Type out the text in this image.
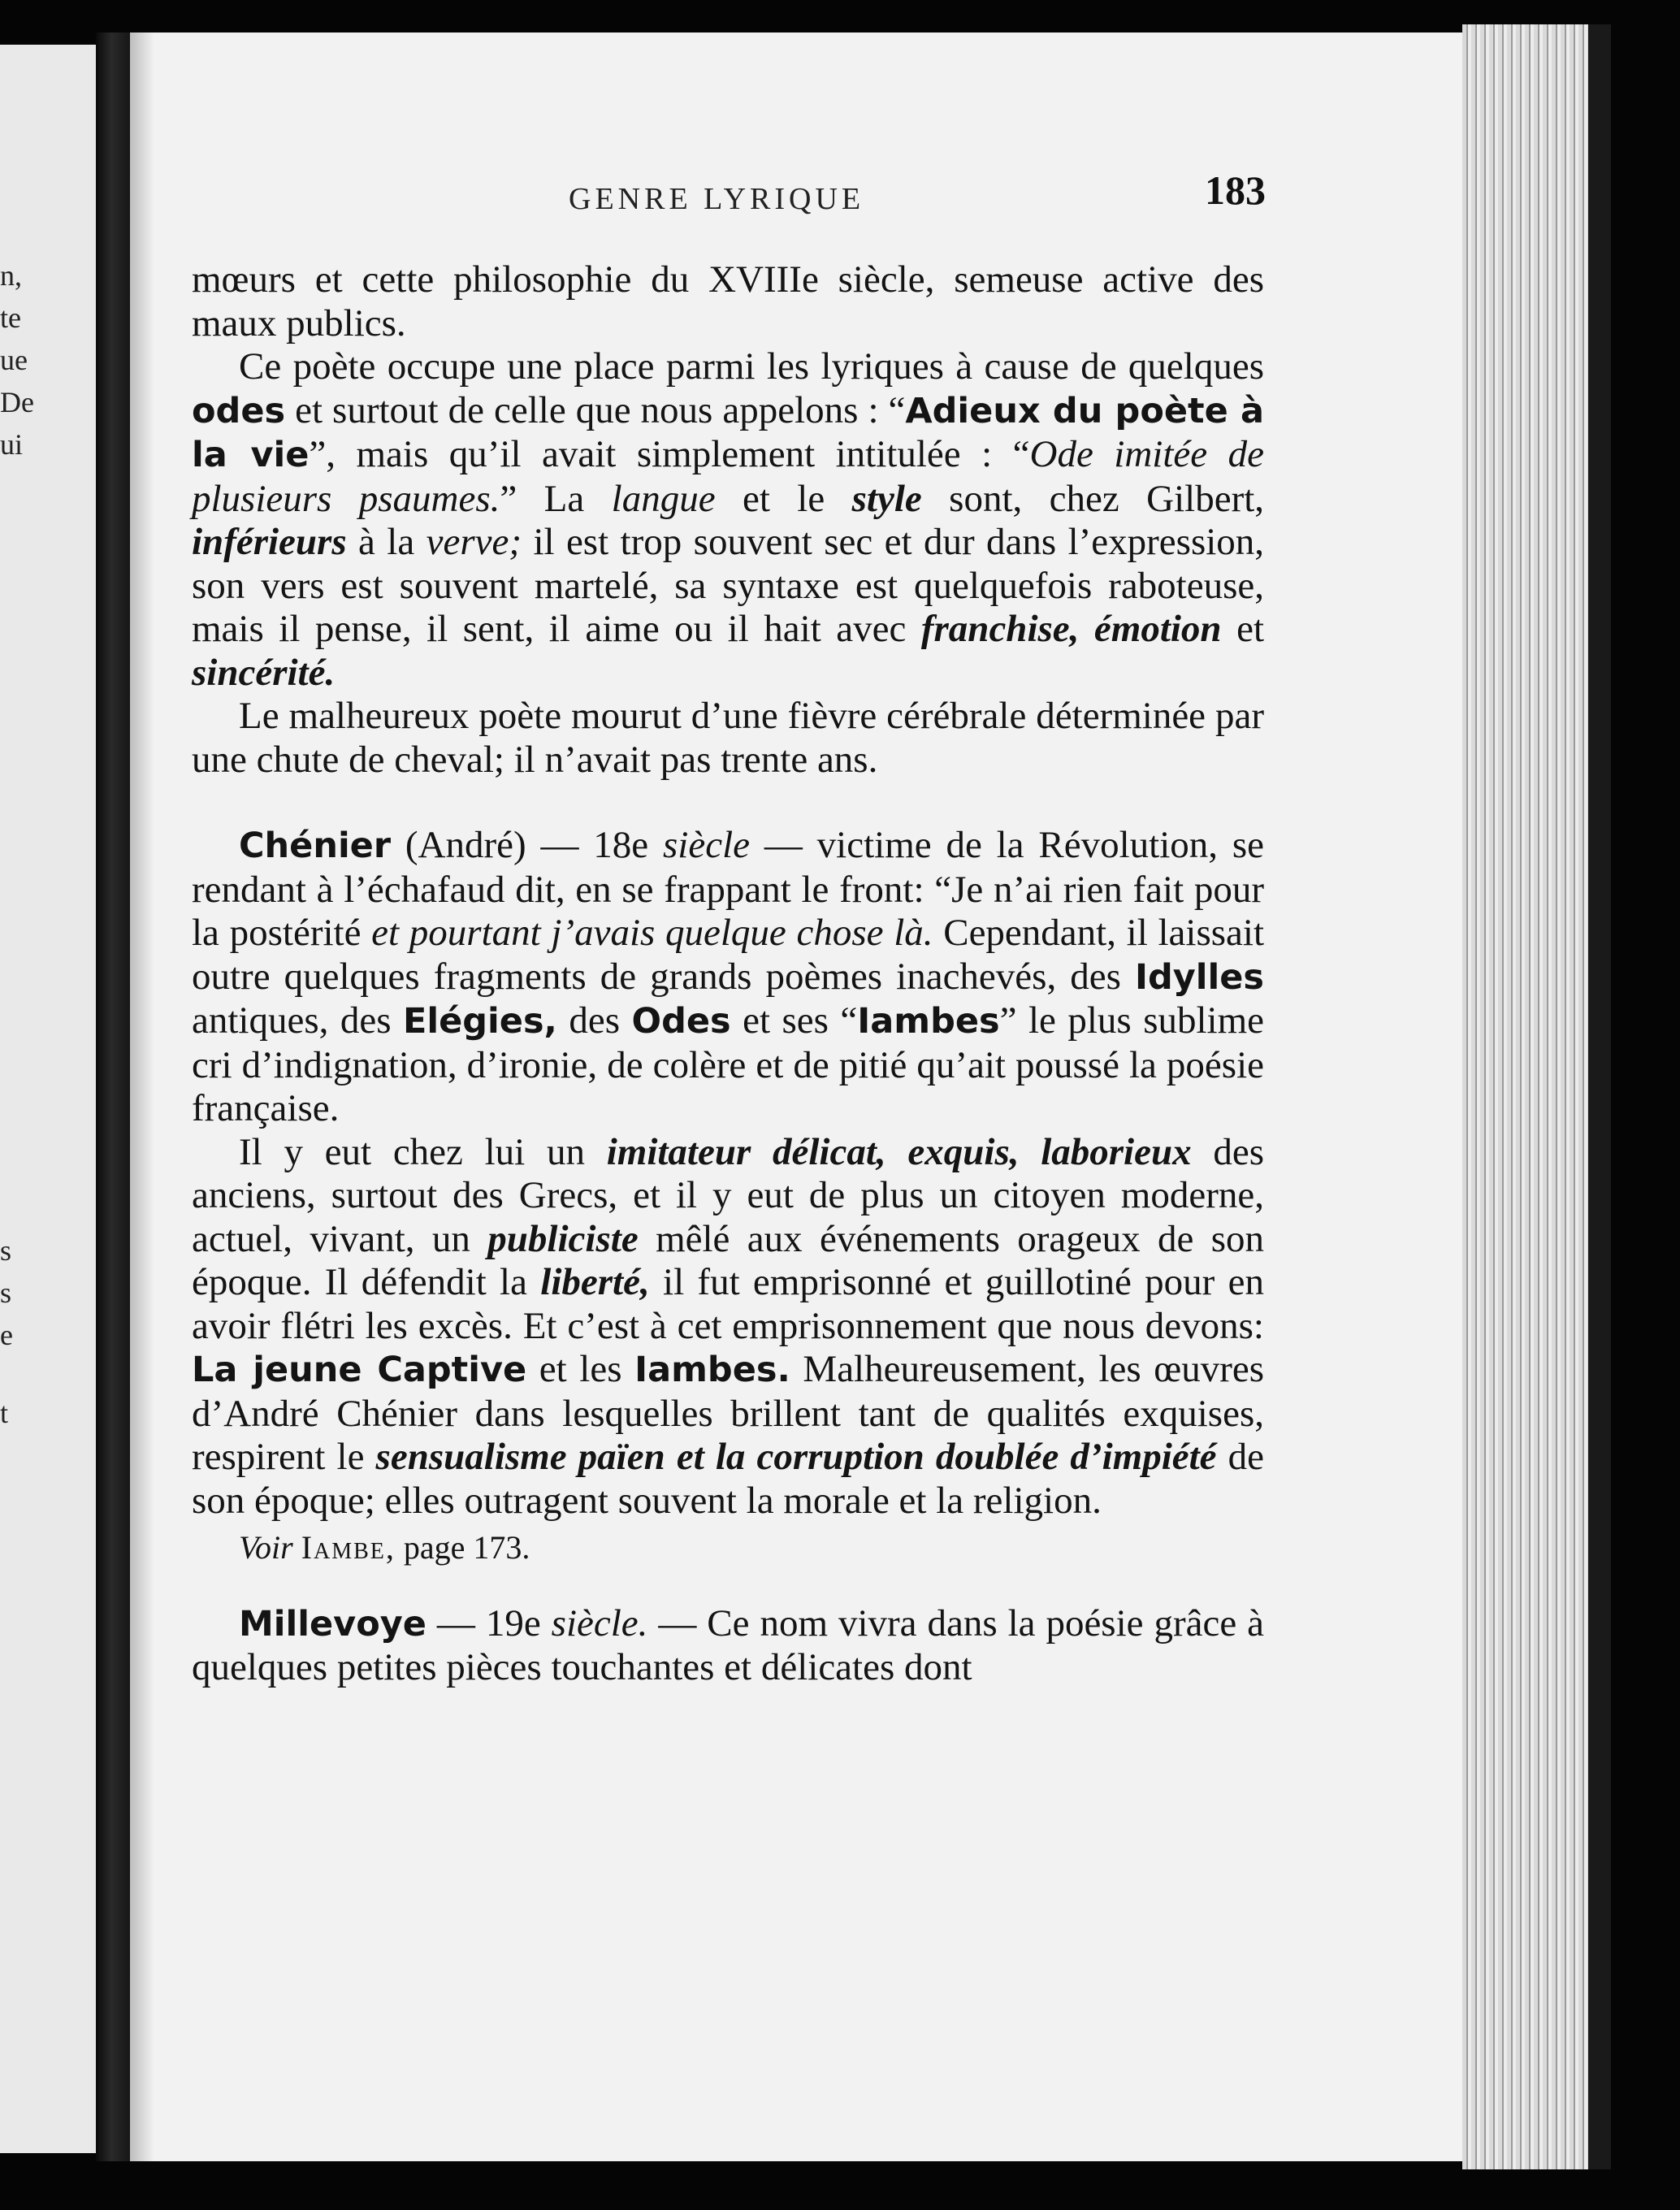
n,
te
ue
De
ui
s
s
e
t
GENRE LYRIQUE	183

mœurs et cette philosophie du XVIIIe siècle, semeuse active des maux publics.

Ce poète occupe une place parmi les lyriques à cause de quelques odes et surtout de celle que nous appelons : “Adieux du poète à la vie”, mais qu’il avait simplement intitulée : “Ode imitée de plusieurs psaumes.” La langue et le style sont, chez Gilbert, inférieurs à la verve; il est trop souvent sec et dur dans l’expression, son vers est souvent martelé, sa syntaxe est quelquefois raboteuse, mais il pense, il sent, il aime ou il hait avec franchise, émotion et sincérité.

Le malheureux poète mourut d’une fièvre cérébrale déterminée par une chute de cheval; il n’avait pas trente ans.

Chénier (André) — 18e siècle — victime de la Révolution, se rendant à l’échafaud dit, en se frappant le front: “Je n’ai rien fait pour la postérité et pourtant j’avais quelque chose là. Cependant, il laissait outre quelques fragments de grands poèmes inachevés, des Idylles antiques, des Elégies, des Odes et ses “Iambes” le plus sublime cri d’indignation, d’ironie, de colère et de pitié qu’ait poussé la poésie française.

Il y eut chez lui un imitateur délicat, exquis, laborieux des anciens, surtout des Grecs, et il y eut de plus un citoyen moderne, actuel, vivant, un publiciste mêlé aux événements orageux de son époque. Il défendit la liberté, il fut emprisonné et guillotiné pour en avoir flétri les excès. Et c’est à cet emprisonnement que nous devons: La jeune Captive et les Iambes. Malheureusement, les œuvres d’André Chénier dans lesquelles brillent tant de qualités exquises, respirent le sensualisme païen et la corruption doublée d’impiété de son époque; elles outragent souvent la morale et la religion.

Voir Iambe, page 173.

Millevoye — 19e siècle. — Ce nom vivra dans la poésie grâce à quelques petites pièces touchantes et délicates dont
